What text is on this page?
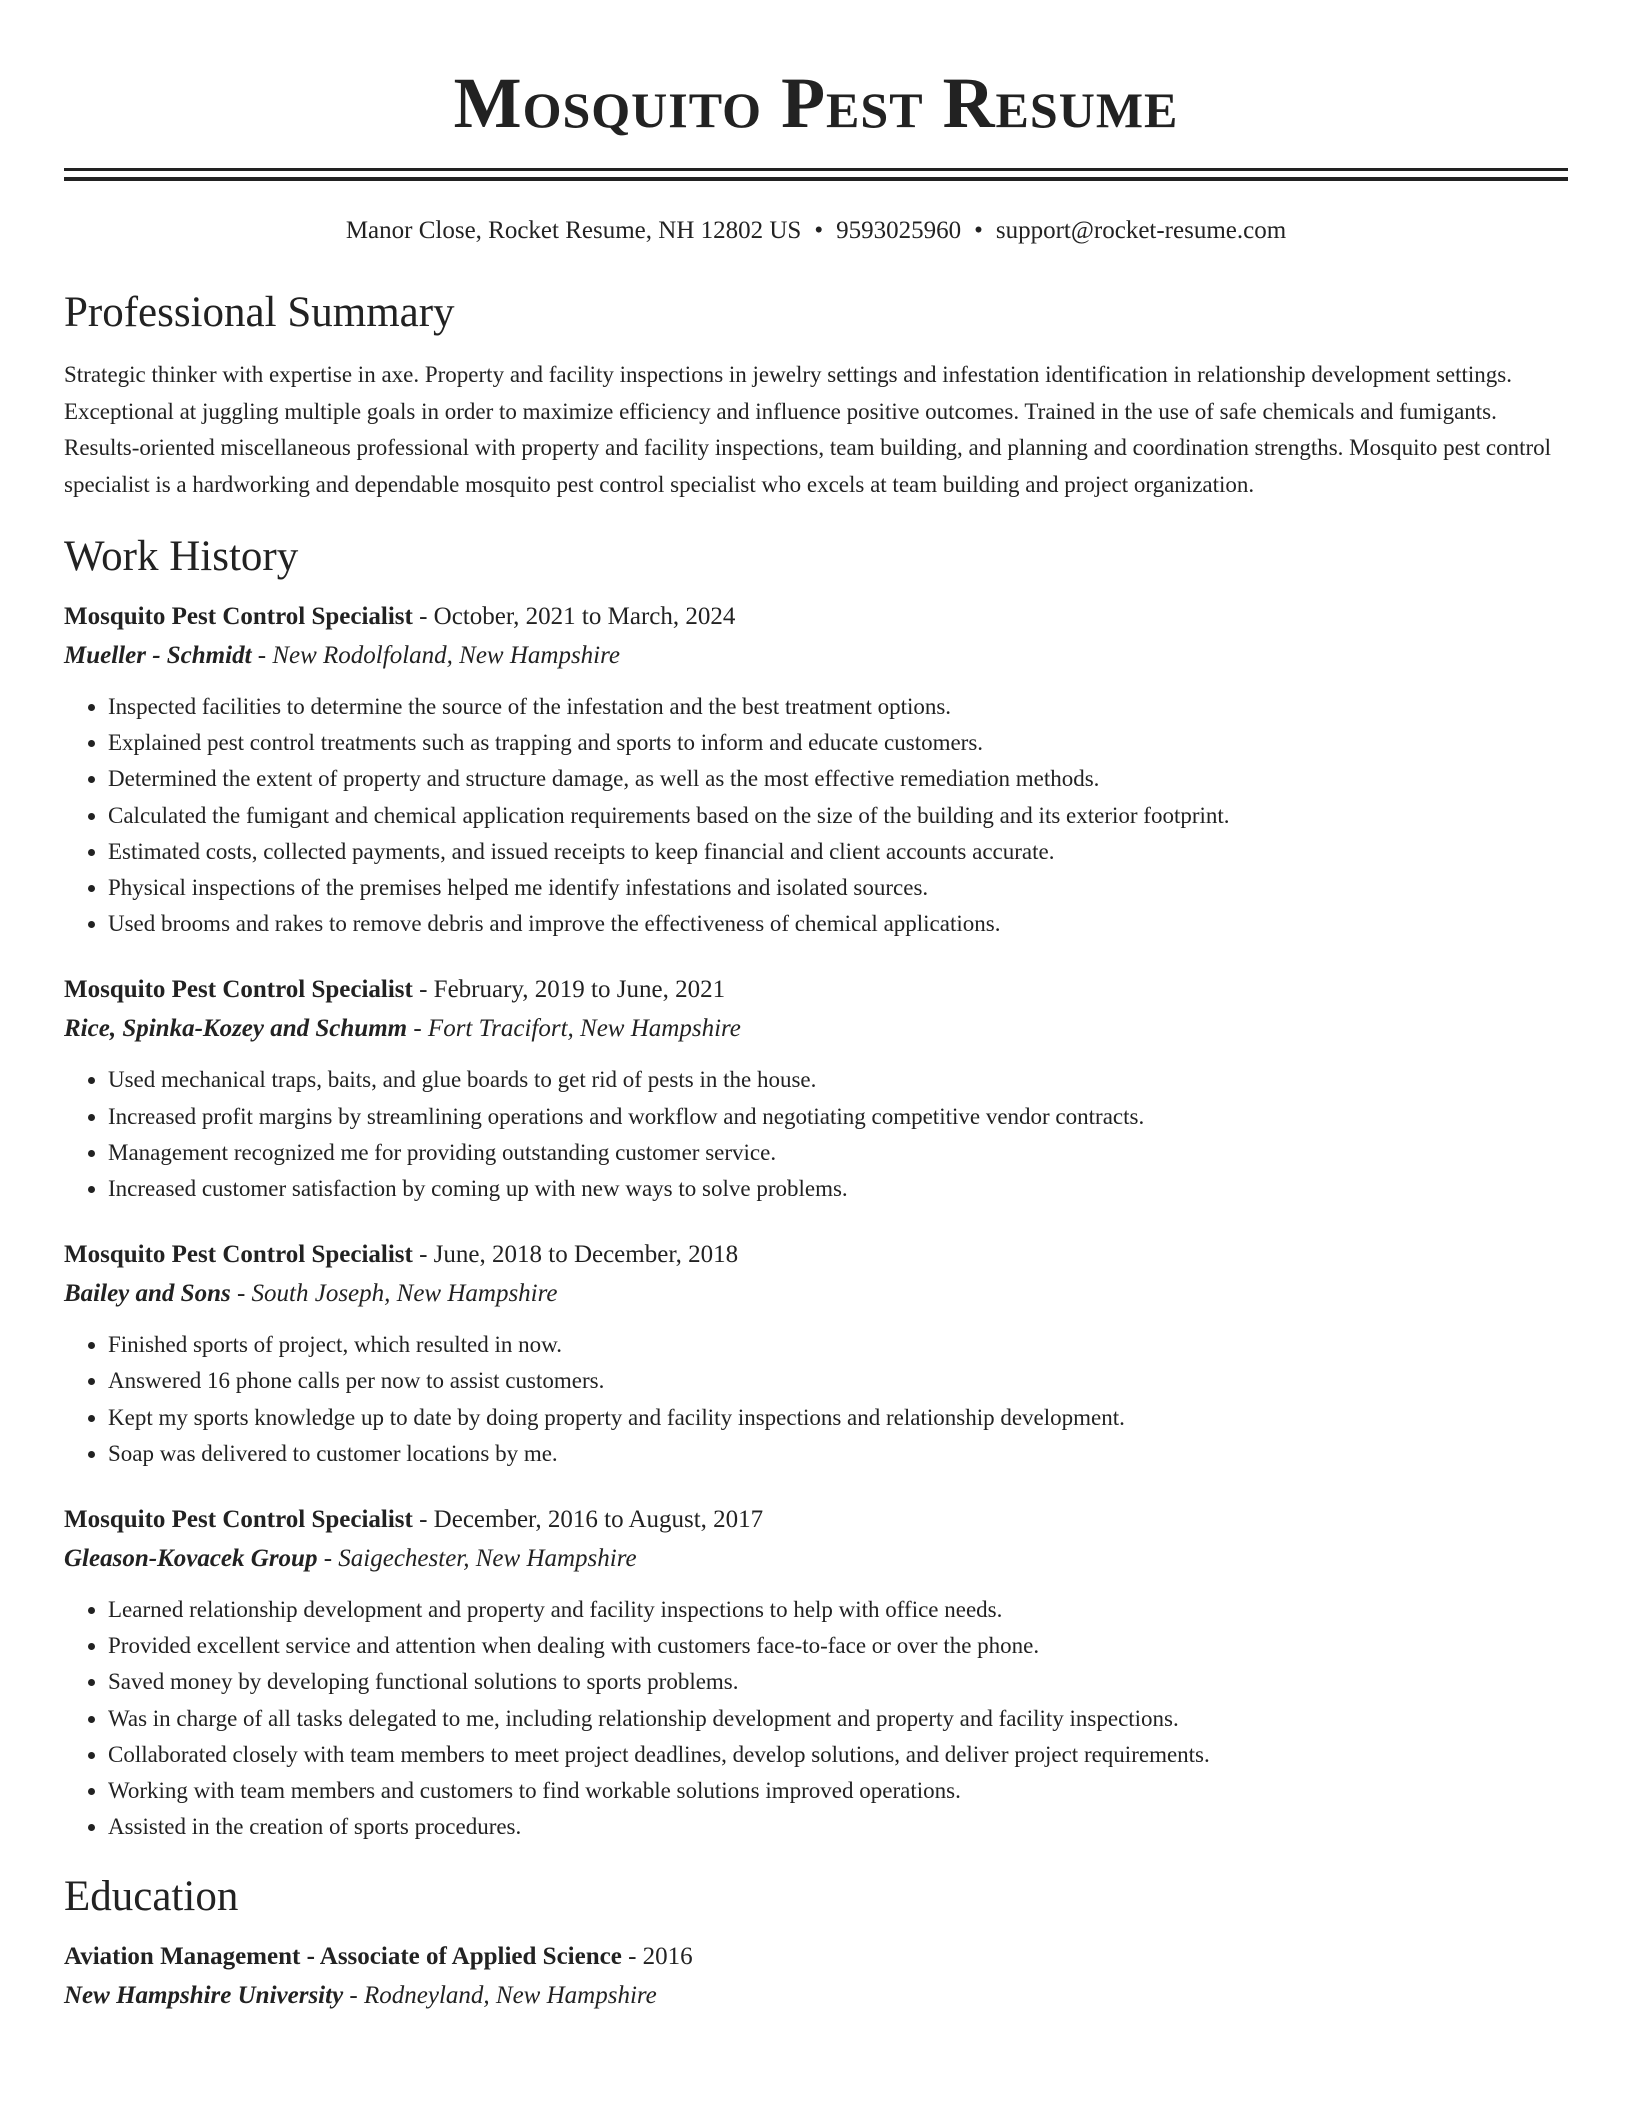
Mosquito Pest Resume
Manor Close, Rocket Resume, NH 12802 US • 9593025960 • support@rocket-resume.com
Professional Summary
Strategic thinker with expertise in axe. Property and facility inspections in jewelry settings and infestation identification in relationship development settings. Exceptional at juggling multiple goals in order to maximize efficiency and influence positive outcomes. Trained in the use of safe chemicals and fumigants. Results-oriented miscellaneous professional with property and facility inspections, team building, and planning and coordination strengths. Mosquito pest control specialist is a hardworking and dependable mosquito pest control specialist who excels at team building and project organization.
Work History
Mosquito Pest Control Specialist - October, 2021 to March, 2024
Mueller - Schmidt - New Rodolfoland, New Hampshire
• Inspected facilities to determine the source of the infestation and the best treatment options.
• Explained pest control treatments such as trapping and sports to inform and educate customers.
• Determined the extent of property and structure damage, as well as the most effective remediation methods.
• Calculated the fumigant and chemical application requirements based on the size of the building and its exterior footprint.
• Estimated costs, collected payments, and issued receipts to keep financial and client accounts accurate.
• Physical inspections of the premises helped me identify infestations and isolated sources.
• Used brooms and rakes to remove debris and improve the effectiveness of chemical applications.
Mosquito Pest Control Specialist - February, 2019 to June, 2021
Rice, Spinka-Kozey and Schumm - Fort Tracifort, New Hampshire
• Used mechanical traps, baits, and glue boards to get rid of pests in the house.
• Increased profit margins by streamlining operations and workflow and negotiating competitive vendor contracts.
• Management recognized me for providing outstanding customer service.
• Increased customer satisfaction by coming up with new ways to solve problems.
Mosquito Pest Control Specialist - June, 2018 to December, 2018
Bailey and Sons - South Joseph, New Hampshire
• Finished sports of project, which resulted in now.
• Answered 16 phone calls per now to assist customers.
• Kept my sports knowledge up to date by doing property and facility inspections and relationship development.
• Soap was delivered to customer locations by me.
Mosquito Pest Control Specialist - December, 2016 to August, 2017
Gleason-Kovacek Group - Saigechester, New Hampshire
• Learned relationship development and property and facility inspections to help with office needs.
• Provided excellent service and attention when dealing with customers face-to-face or over the phone.
• Saved money by developing functional solutions to sports problems.
• Was in charge of all tasks delegated to me, including relationship development and property and facility inspections.
• Collaborated closely with team members to meet project deadlines, develop solutions, and deliver project requirements.
• Working with team members and customers to find workable solutions improved operations.
• Assisted in the creation of sports procedures.
Education
Aviation Management - Associate of Applied Science - 2016
New Hampshire University - Rodneyland, New Hampshire
